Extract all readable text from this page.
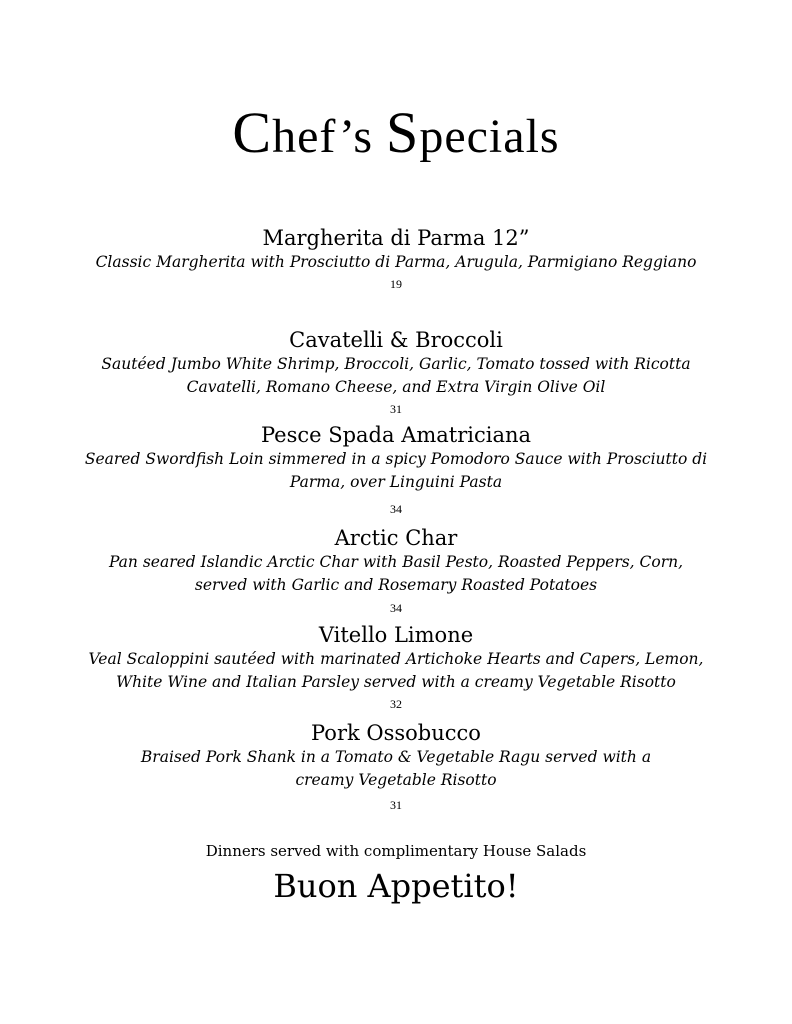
Chef’s Specials
Margherita di Parma 12”
Classic Margherita with Prosciutto di Parma, Arugula, Parmigiano Reggiano
19
Cavatelli & Broccoli
Sautéed Jumbo White Shrimp, Broccoli, Garlic, Tomato tossed with Ricotta
Cavatelli, Romano Cheese, and Extra Virgin Olive Oil
31
Pesce Spada Amatriciana
Seared Swordfish Loin simmered in a spicy Pomodoro Sauce with Prosciutto di
Parma, over Linguini Pasta
34
Arctic Char
Pan seared Islandic Arctic Char with Basil Pesto, Roasted Peppers, Corn,
served with Garlic and Rosemary Roasted Potatoes
34
Vitello Limone
Veal Scaloppini sautéed with marinated Artichoke Hearts and Capers, Lemon,
White Wine and Italian Parsley served with a creamy Vegetable Risotto
32
Pork Ossobucco
Braised Pork Shank in a Tomato & Vegetable Ragu served with a
creamy Vegetable Risotto
31
Dinners served with complimentary House Salads
Buon Appetito!
